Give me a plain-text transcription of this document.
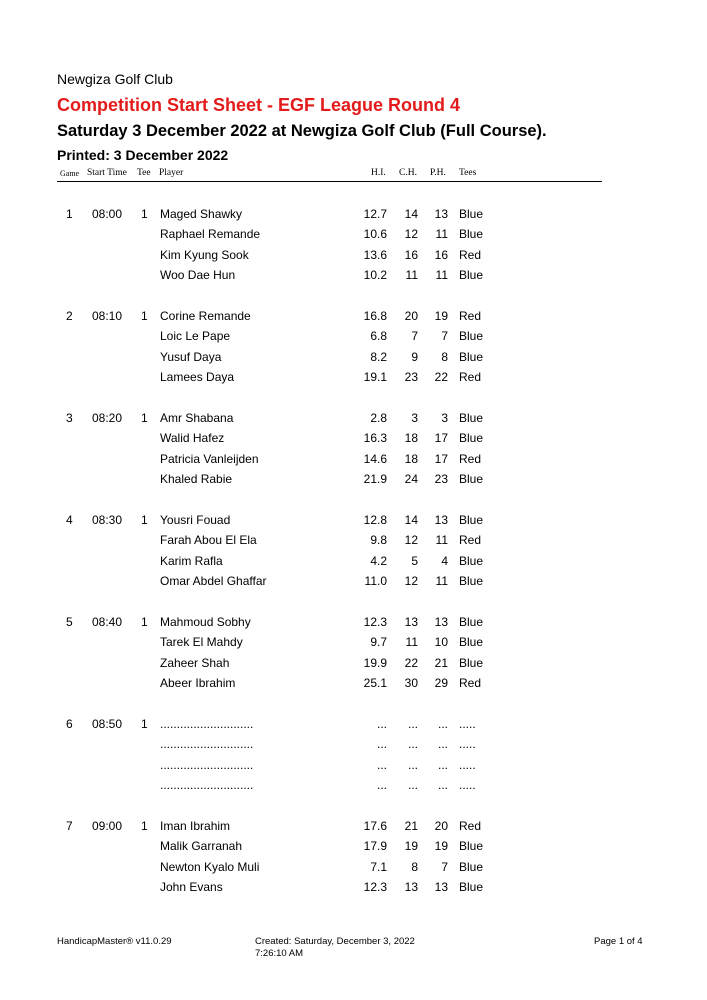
Newgiza Golf Club
Competition Start Sheet - EGF League Round 4
Saturday 3 December 2022 at Newgiza Golf Club (Full Course).
Printed: 3 December 2022
Game Start Time Tee Player	H.I. C.H. P.H. Tees
1 08:00	1 Maged Shawky	12.7	14	13 Blue
Raphael Remande	10.6	12	11 Blue
Kim Kyung Sook	13.6	16	16 Red
Woo Dae Hun	10.2	11	11 Blue
2 08:10	1 Corine Remande	16.8	20	19 Red
Loic Le Pape	6.8	7	7 Blue
Yusuf Daya	8.2	9	8 Blue
Lamees Daya	19.1	23	22 Red
3 08:20	1 Amr Shabana	2.8	3	3 Blue
Walid Hafez	16.3	18	17 Blue
Patricia Vanleijden	14.6	18	17 Red
Khaled Rabie	21.9	24	23 Blue
4 08:30	1 Yousri Fouad	12.8	14	13 Blue
Farah Abou El Ela	9.8	12	11 Red
Karim Rafla	4.2	5	4 Blue
Omar Abdel Ghaffar	11.0	12	11 Blue
5 08:40	1 Mahmoud Sobhy	12.3	13	13 Blue
Tarek El Mahdy	9.7	11	10 Blue
Zaheer Shah	19.9	22	21 Blue
Abeer Ibrahim	25.1	30	29 Red
6 08:50	1 ............................	...	...	... .....
............................	...	...	... .....
............................	...	...	... .....
............................	...	...	... .....
7 09:00	1 Iman Ibrahim	17.6	21	20 Red
Malik Garranah	17.9	19	19 Blue
Newton Kyalo Muli	7.1	8	7 Blue
John Evans	12.3	13	13 Blue
HandicapMaster® v11.0.29	Created: Saturday, December 3, 2022
7:26:10 AM
Page 1 of 4
